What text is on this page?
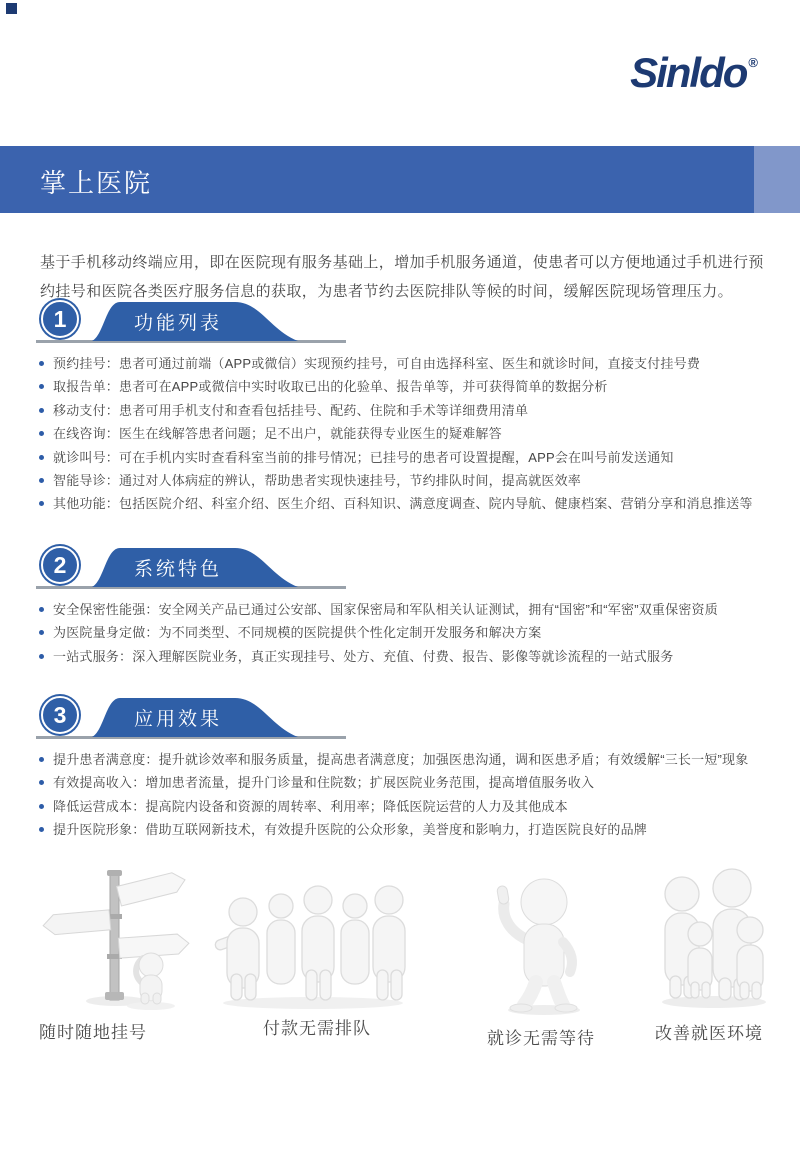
Sinldo ®
掌上医院

基于手机移动终端应用，即在医院现有服务基础上，增加手机服务通道，使患者可以方便地通过手机进行预约挂号和医院各类医疗服务信息的获取，为患者节约去医院排队等候的时间，缓解医院现场管理压力。

1	功能列表
预约挂号：患者可通过前端（APP或微信）实现预约挂号，可自由选择科室、医生和就诊时间，直接支付挂号费
取报告单：患者可在APP或微信中实时收取已出的化验单、报告单等，并可获得简单的数据分析
移动支付：患者可用手机支付和查看包括挂号、配药、住院和手术等详细费用清单
在线咨询：医生在线解答患者问题；足不出户，就能获得专业医生的疑难解答
就诊叫号：可在手机内实时查看科室当前的排号情况；已挂号的患者可设置提醒，APP会在叫号前发送通知
智能导诊：通过对人体病症的辨认，帮助患者实现快速挂号，节约排队时间，提高就医效率
其他功能：包括医院介绍、科室介绍、医生介绍、百科知识、满意度调查、院内导航、健康档案、营销分享和消息推送等
2	系统特色
安全保密性能强：安全网关产品已通过公安部、国家保密局和军队相关认证测试，拥有“国密”和“军密”双重保密资质
为医院量身定做：为不同类型、不同规模的医院提供个性化定制开发服务和解决方案
一站式服务：深入理解医院业务，真正实现挂号、处方、充值、付费、报告、影像等就诊流程的一站式服务
3	应用效果
提升患者满意度：提升就诊效率和服务质量，提高患者满意度；加强医患沟通，调和医患矛盾；有效缓解“三长一短”现象
有效提高收入：增加患者流量，提升门诊量和住院数；扩展医院业务范围，提高增值服务收入
降低运营成本：提高院内设备和资源的周转率、利用率；降低医院运营的人力及其他成本
提升医院形象：借助互联网新技术，有效提升医院的公众形象，美誉度和影响力，打造医院良好的品牌
随时随地挂号	付款无需排队
就诊无需等待	改善就医环境
